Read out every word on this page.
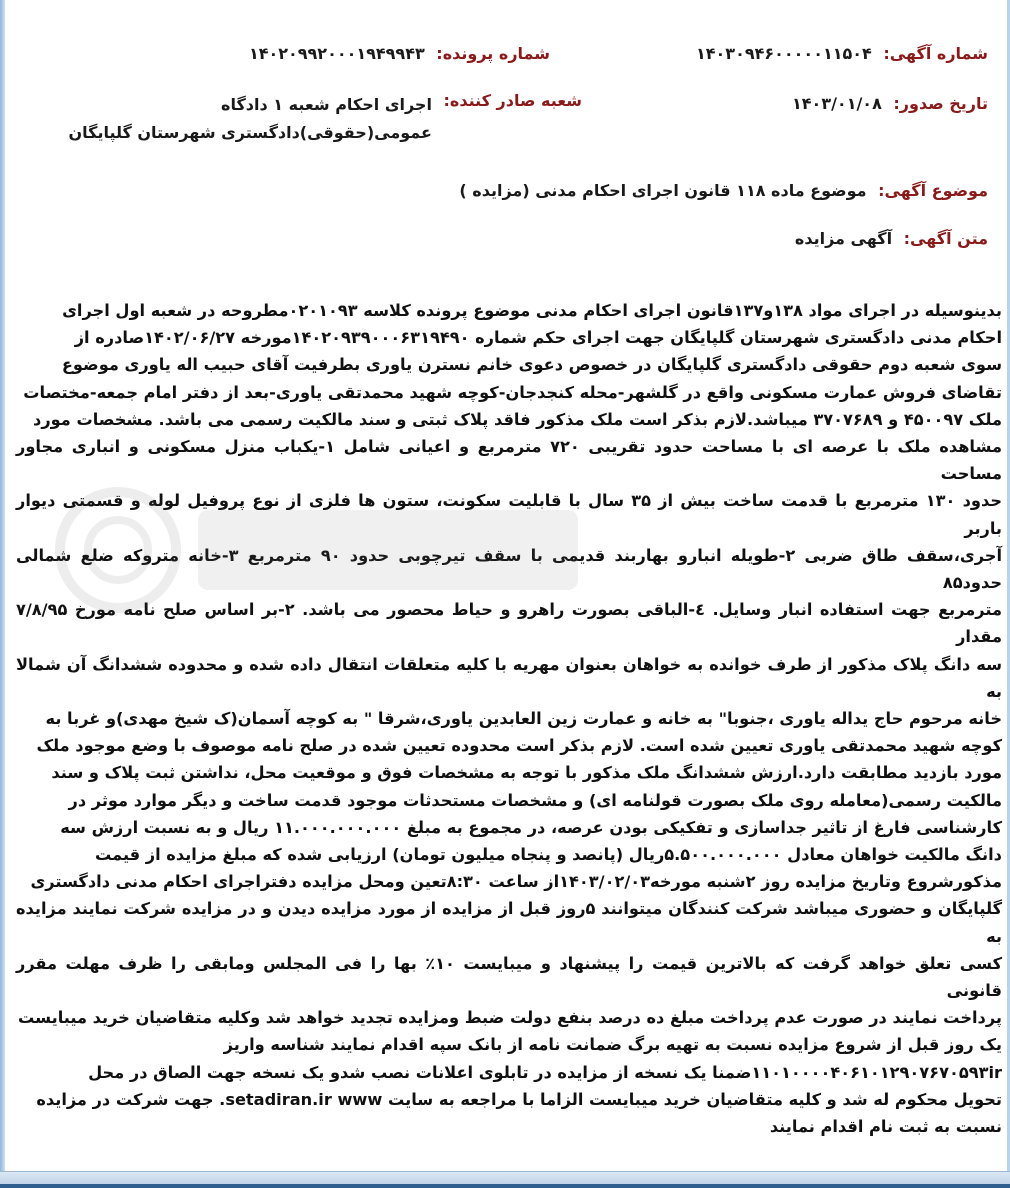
شماره آگهی: ۱۴۰۳۰۹۴۶۰۰۰۰۰۱۱۵۰۴
شماره پرونده: ۱۴۰۲۰۹۹۲۰۰۰۱۹۴۹۹۴۳
تاریخ صدور: ۱۴۰۳/۰۱/۰۸
شعبه صادر کننده: اجرای احکام شعبه ۱ دادگاه عمومی(حقوقی)دادگستری شهرستان گلپایگان
موضوع آگهی: موضوع ماده ۱۱۸ قانون اجرای احکام مدنی (مزایده )
متن آگهی: آگهی مزایده

بدینوسیله در اجرای مواد ۱۳۸و۱۳۷قانون اجرای احکام مدنی موضوع پرونده کلاسه ۰۲۰۱۰۹۳مطروحه در شعبه اول اجرای

احکام مدنی دادگستری شهرستان گلپایگان جهت اجرای حکم شماره ۱۴۰۲۰۹۳۹۰۰۰۶۳۱۹۴۹۰مورخه ۱۴۰۲/۰۶/۲۷صادره از

سوی شعبه دوم حقوقی دادگستری گلپایگان در خصوص دعوی خانم نسترن یاوری بطرفیت آقای حبیب اله یاوری موضوع

تقاضای فروش عمارت مسکونی واقع در گلشهر-محله کنجدجان-کوچه شهید محمدتقی یاوری-بعد از دفتر امام جمعه-مختصات

ملک ۴۵۰۰۹۷ و ۳۷۰۷۶۸۹ میباشد.لازم بذکر است ملک مذکور فاقد پلاک ثبتی و سند مالکیت رسمی می باشد. مشخصات مورد

مشاهده ملک با عرصه ای با مساحت حدود تقریبی ۷۲۰ مترمربع و اعیانی شامل ۱-یکباب منزل مسکونی و انباری مجاور مساحت

حدود ۱۳۰ مترمربع با قدمت ساخت بیش از ۳۵ سال با قابلیت سکونت، ستون ها فلزی از نوع پروفیل لوله و قسمتی دیوار باربر

آجری،سقف طاق ضربی ۲-طویله انبارو بهاربند قدیمی با سقف تیرچوبی حدود ۹۰ مترمربع ۳-خانه متروکه ضلع شمالی حدود۸۵

مترمربع جهت استفاده انبار وسایل. ٤-الباقی بصورت راهرو و حیاط محصور می باشد. ۲-بر اساس صلح نامه مورخ ۷/۸/۹۵ مقدار

سه دانگ پلاک مذکور از طرف خوانده به خواهان بعنوان مهریه با کلیه متعلقات انتقال داده شده و محدوده ششدانگ آن شمالا به

خانه مرحوم حاج یداله یاوری ،جنوبا" به خانه و عمارت زین العابدین یاوری،شرقا " به کوچه آسمان(ک شیخ مهدی)و غربا به

کوچه شهید محمدتقی یاوری تعیین شده است. لازم بذکر است محدوده تعیین شده در صلح نامه موصوف با وضع موجود ملک

مورد بازدید مطابقت دارد.ارزش ششدانگ ملک مذکور با توجه به مشخصات فوق و موقعیت محل، نداشتن ثبت پلاک و سند

مالکیت رسمی(معامله روی ملک بصورت قولنامه ای) و مشخصات مستحدثات موجود قدمت ساخت و دیگر موارد موثر در

کارشناسی فارغ از تاثیر جداسازی و تفکیکی بودن عرصه، در مجموع به مبلغ ۱۱.۰۰۰.۰۰۰.۰۰۰ ریال و به نسبت ارزش سه

دانگ مالکیت خواهان معادل ۵.۵۰۰.۰۰۰.۰۰۰ریال (پانصد و پنجاه میلیون تومان) ارزیابی شده که مبلغ مزایده از قیمت

مذکورشروع وتاریخ مزایده روز ۲شنبه مورخه۱۴۰۳/۰۲/۰۳از ساعت ۸:۳۰تعین ومحل مزایده دفتراجرای احکام مدنی دادگستری

گلپایگان و حضوری میباشد شرکت کنندگان میتوانند ۵روز قبل از مزایده از مورد مزایده دیدن و در مزایده شرکت نمایند مزایده به

کسی تعلق خواهد گرفت که بالاترین قیمت را پیشنهاد و میبایست ۱۰٪ بها را فی المجلس ومابقی را ظرف مهلت مقرر قانونی

پرداخت نمایند در صورت عدم پرداخت مبلغ ده درصد بنفع دولت ضبط ومزایده تجدید خواهد شد وکلیه متقاضیان خرید میبایست

یک روز قبل از شروع مزایده نسبت به تهیه برگ ضمانت نامه از بانک سپه اقدام نمایند شناسه واریز

۱۱۰۱۰۰۰۰۴۰۶۱۰۱۲۹۰۷۶۷۰۵۹۳irضمنا یک نسخه از مزایده در تابلوی اعلانات نصب شدو یک نسخه جهت الصاق در محل

تحویل محکوم له شد و کلیه متقاضیان خرید میبایست الزاما با مراجعه به سایت setadiran.ir www. جهت شرکت در مزایده

نسبت به ثبت نام اقدام نمایند
